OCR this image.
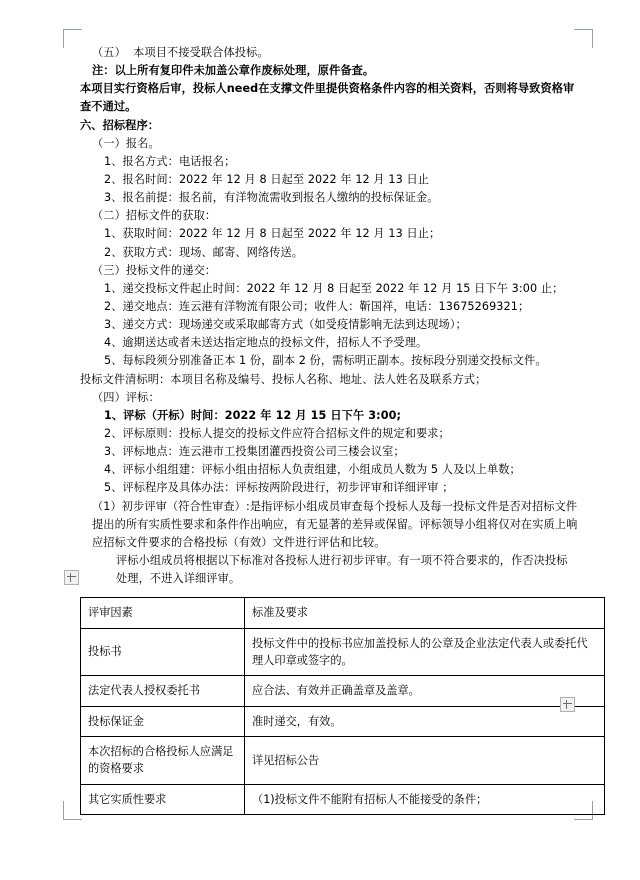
（五）  本项目不接受联合体投标。

注：以上所有复印件未加盖公章作废标处理，原件备查。

本项目实行资格后审，投标人need在支撑文件里提供资格条件内容的相关资料，否则将导致资格审查不通过。

六、招标程序：

（一）报名。

1、报名方式：电话报名；

2、报名时间：2022 年 12 月 8 日起至 2022 年 12 月 13 日止

3、报名前提：报名前，有洋物流需收到报名人缴纳的投标保证金。

（二）招标文件的获取：

1、获取时间：2022 年 12 月 8 日起至 2022 年 12 月 13 日止；

2、获取方式：现场、邮寄、网络传送。

（三）投标文件的递交：

1、递交投标文件起止时间：2022 年 12 月 8 日起至 2022 年 12 月 15 日下午 3:00 止；

2、递交地点：连云港有洋物流有限公司；收件人：靳国祥，电话：13675269321；

3、递交方式：现场递交或采取邮寄方式（如受疫情影响无法到达现场）；

4、逾期送达或者未送达指定地点的投标文件，招标人不予受理。

5、每标段须分别准备正本 1 份，副本 2 份，需标明正副本。按标段分别递交投标文件。

投标文件清标明：本项目名称及编号、投标人名称、地址、法人姓名及联系方式；

（四）评标：

1、评标（开标）时间：2022 年 12 月 15 日下午 3:00;

2、评标原则：投标人提交的投标文件应符合招标文件的规定和要求；

3、评标地点：连云港市工投集团灌西投资公司三楼会议室；

4、评标小组组建：评标小组由招标人负责组建，小组成员人数为 5 人及以上单数；

5、评标程序及具体办法：评标按两阶段进行，初步评审和详细评审 ；

（1）初步评审（符合性审查）:是指评标小组成员审查每个投标人及每一投标文件是否对招标文件提出的所有实质性要求和条件作出响应，有无显著的差异或保留。评标领导小组将仅对在实质上响应招标文件要求的合格投标（有效）文件进行评估和比较。

评标小组成员将根据以下标准对各投标人进行初步评审。有一项不符合要求的，作否决投标处理，不进入详细评审。

评审因素	标准及要求
投标书	投标文件中的投标书应加盖投标人的公章及企业法定代表人或委托代理人印章或签字的。
法定代表人授权委托书	应合法、有效并正确盖章及盖章。
投标保证金	准时递交，有效。
本次招标的合格投标人应满足的资格要求	详见招标公告
其它实质性要求	（1)投标文件不能附有招标人不能接受的条件；
